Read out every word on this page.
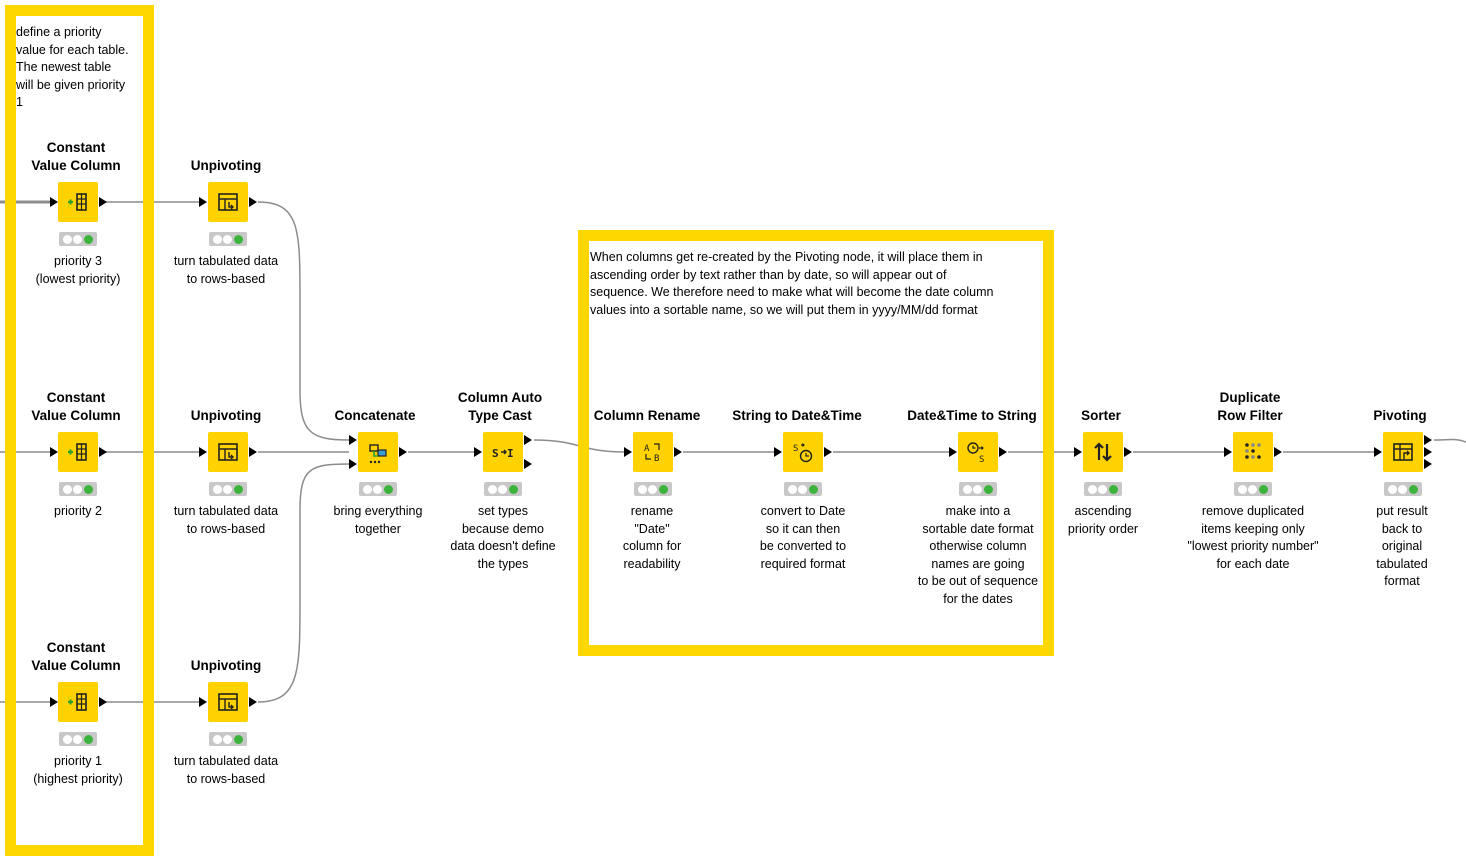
define a priority
value for each table.
The newest table
will be given priority
1
When columns get re-created by the Pivoting node, it will place them in
ascending order by text rather than by date, so will appear out of
sequence. We therefore need to make what will become the date column
values into a sortable name, so we will put them in yyyy/MM/dd format
Constant
Value Column
priority 3
(lowest priority)
Unpivoting
turn tabulated data
to rows-based
Constant
Value Column
priority 2
Unpivoting
turn tabulated data
to rows-based
Constant
Value Column
priority 1
(highest priority)
Unpivoting
turn tabulated data
to rows-based
Concatenate
bring everything
together
Column Auto
Type Cast
S I
set types
because demo
data doesn't define
the types
Column Rename
A
B
rename
"Date"
column for
readability
String to Date&Time
S
convert to Date
so it can then
be converted to
required format
Date&Time to String
S
make into a
sortable date format
otherwise column
names are going
to be out of sequence
for the dates
Sorter
ascending
priority order
Duplicate
Row Filter
remove duplicated
items keeping only
"lowest priority number"
for each date
Pivoting
put result
back to
original tabulated
format
